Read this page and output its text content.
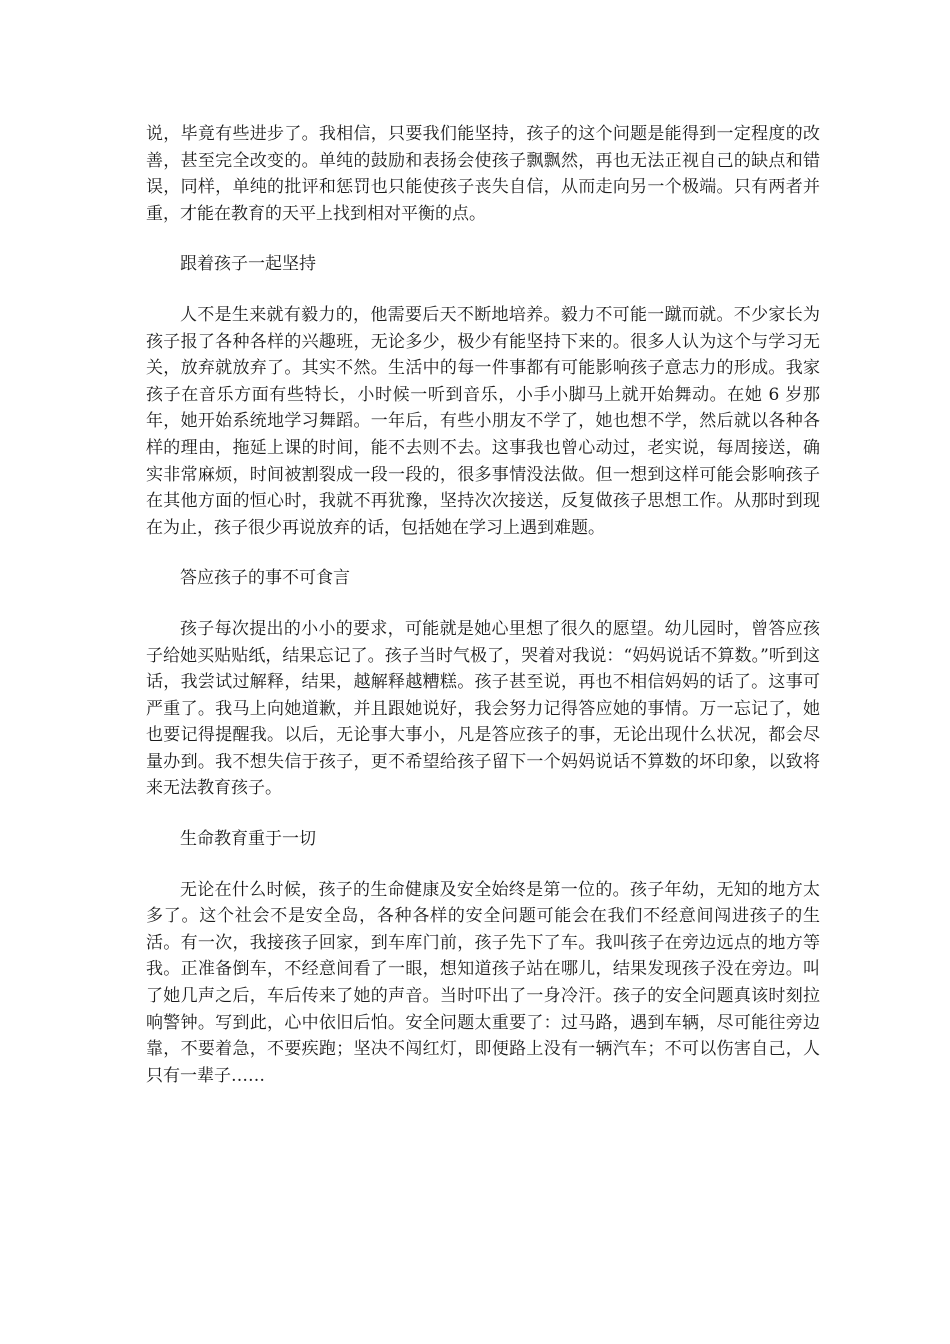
说，毕竟有些进步了。我相信，只要我们能坚持，孩子的这个问题是能得到一定程度的改善，甚至完全改变的。单纯的鼓励和表扬会使孩子飘飘然，再也无法正视自己的缺点和错误，同样，单纯的批评和惩罚也只能使孩子丧失自信，从而走向另一个极端。只有两者并重，才能在教育的天平上找到相对平衡的点。

跟着孩子一起坚持

人不是生来就有毅力的，他需要后天不断地培养。毅力不可能一蹴而就。不少家长为孩子报了各种各样的兴趣班，无论多少，极少有能坚持下来的。很多人认为这个与学习无关，放弃就放弃了。其实不然。生活中的每一件事都有可能影响孩子意志力的形成。我家孩子在音乐方面有些特长，小时候一听到音乐，小手小脚马上就开始舞动。在她 6 岁那年，她开始系统地学习舞蹈。一年后，有些小朋友不学了，她也想不学，然后就以各种各样的理由，拖延上课的时间，能不去则不去。这事我也曾心动过，老实说，每周接送，确实非常麻烦，时间被割裂成一段一段的，很多事情没法做。但一想到这样可能会影响孩子在其他方面的恒心时，我就不再犹豫，坚持次次接送，反复做孩子思想工作。从那时到现在为止，孩子很少再说放弃的话，包括她在学习上遇到难题。

答应孩子的事不可食言

孩子每次提出的小小的要求，可能就是她心里想了很久的愿望。幼儿园时，曾答应孩子给她买贴贴纸，结果忘记了。孩子当时气极了，哭着对我说：“妈妈说话不算数。”听到这话，我尝试过解释，结果，越解释越糟糕。孩子甚至说，再也不相信妈妈的话了。这事可严重了。我马上向她道歉，并且跟她说好，我会努力记得答应她的事情。万一忘记了，她也要记得提醒我。以后，无论事大事小，凡是答应孩子的事，无论出现什么状况，都会尽量办到。我不想失信于孩子，更不希望给孩子留下一个妈妈说话不算数的坏印象，以致将来无法教育孩子。

生命教育重于一切

无论在什么时候，孩子的生命健康及安全始终是第一位的。孩子年幼，无知的地方太多了。这个社会不是安全岛，各种各样的安全问题可能会在我们不经意间闯进孩子的生活。有一次，我接孩子回家，到车库门前，孩子先下了车。我叫孩子在旁边远点的地方等我。正准备倒车，不经意间看了一眼，想知道孩子站在哪儿，结果发现孩子没在旁边。叫了她几声之后，车后传来了她的声音。当时吓出了一身冷汗。孩子的安全问题真该时刻拉响警钟。写到此，心中依旧后怕。安全问题太重要了：过马路，遇到车辆，尽可能往旁边靠，不要着急，不要疾跑；坚决不闯红灯，即便路上没有一辆汽车；不可以伤害自己，人只有一辈子……
